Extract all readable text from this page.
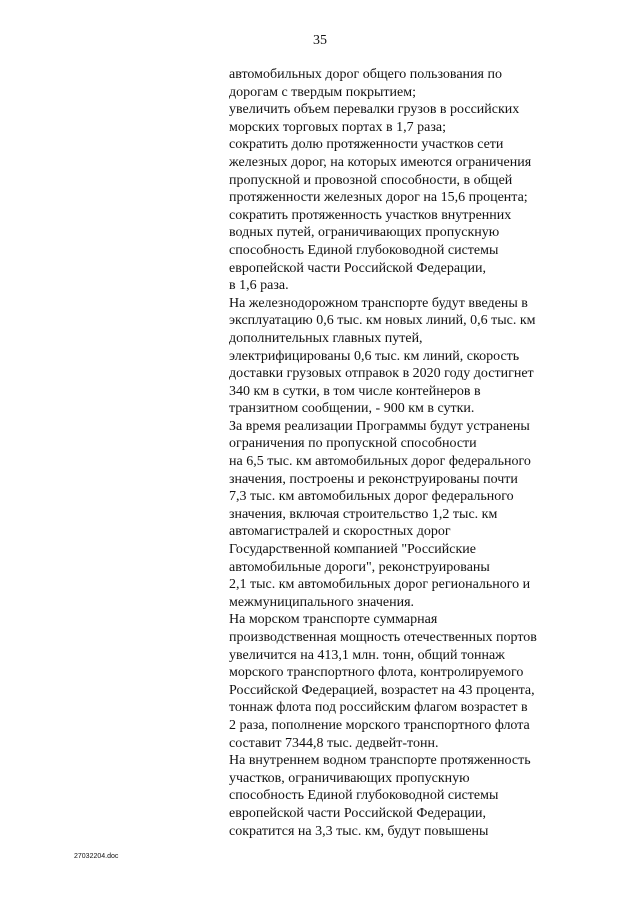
35
автомобильных дорог общего пользования по
дорогам с твердым покрытием;
увеличить объем перевалки грузов в российских
морских торговых портах в 1,7 раза;
сократить долю протяженности участков сети
железных дорог, на которых имеются ограничения
пропускной и провозной способности, в общей
протяженности железных дорог на 15,6 процента;
сократить протяженность участков внутренних
водных путей, ограничивающих пропускную
способность Единой глубоководной системы
европейской части Российской Федерации,
в 1,6 раза.
На железнодорожном транспорте будут введены в
эксплуатацию 0,6 тыс. км новых линий, 0,6 тыс. км
дополнительных главных путей,
электрифицированы 0,6 тыс. км линий, скорость
доставки грузовых отправок в 2020 году достигнет
340 км в сутки, в том числе контейнеров в
транзитном сообщении, - 900 км в сутки.
За время реализации Программы будут устранены
ограничения по пропускной способности
на 6,5 тыс. км автомобильных дорог федерального
значения, построены и реконструированы почти
7,3 тыс. км автомобильных дорог федерального
значения, включая строительство 1,2 тыс. км
автомагистралей и скоростных дорог
Государственной компанией "Российские
автомобильные дороги", реконструированы
2,1 тыс. км автомобильных дорог регионального и
межмуниципального значения.
На морском транспорте суммарная
производственная мощность отечественных портов
увеличится на 413,1 млн. тонн, общий тоннаж
морского транспортного флота, контролируемого
Российской Федерацией, возрастет на 43 процента,
тоннаж флота под российским флагом возрастет в
2 раза, пополнение морского транспортного флота
составит 7344,8 тыс. дедвейт-тонн.
На внутреннем водном транспорте протяженность
участков, ограничивающих пропускную
способность Единой глубоководной системы
европейской части Российской Федерации,
сократится на 3,3 тыс. км, будут повышены
27032204.doc
